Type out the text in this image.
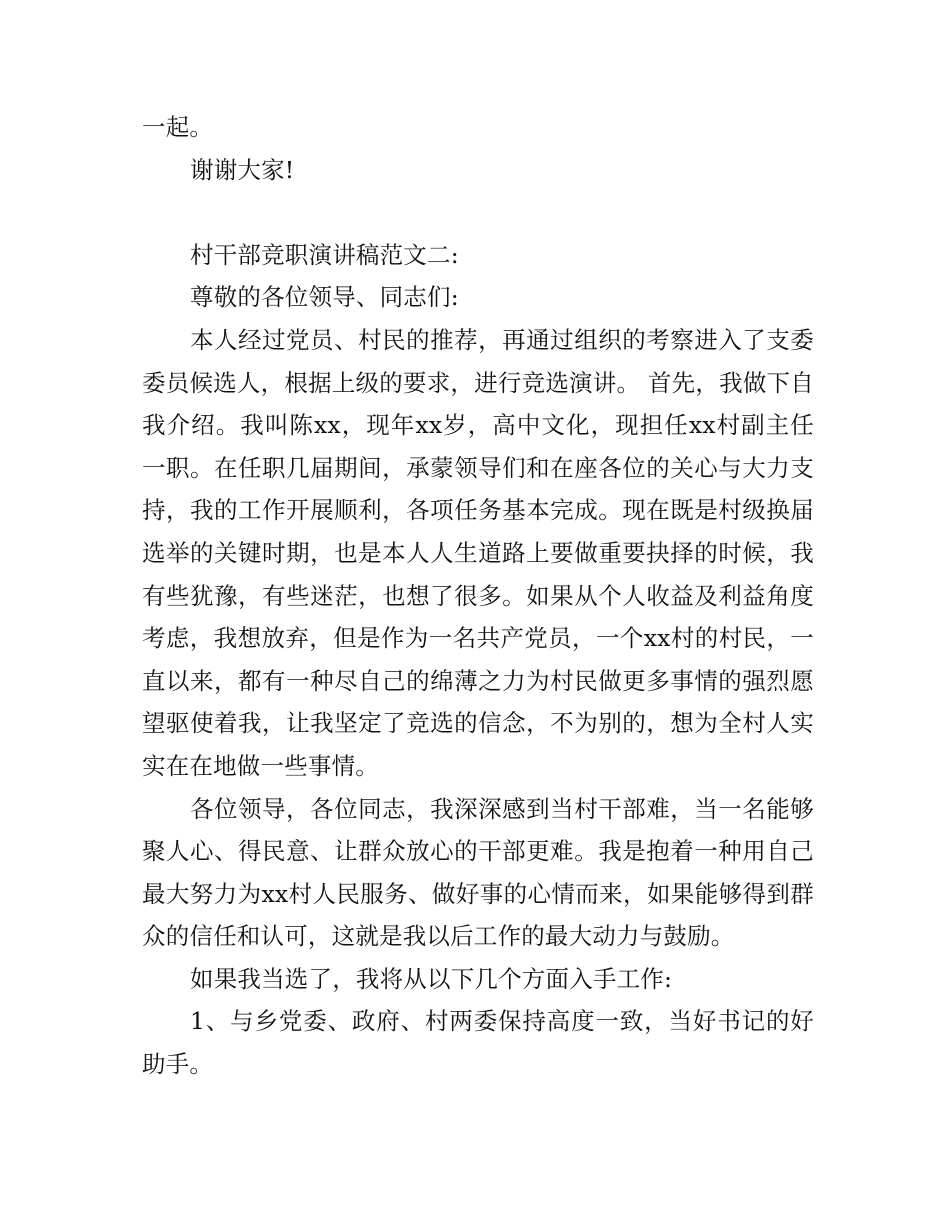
一起。

谢谢大家!

村干部竞职演讲稿范文二:

尊敬的各位领导、同志们:

本人经过党员、村民的推荐，再通过组织的考察进入了支委委员候选人，根据上级的要求，进行竞选演讲。 首先，我做下自我介绍。我叫陈xx，现年xx岁，高中文化，现担任xx村副主任一职。在任职几届期间，承蒙领导们和在座各位的关心与大力支持，我的工作开展顺利，各项任务基本完成。现在既是村级换届选举的关键时期，也是本人人生道路上要做重要抉择的时候，我有些犹豫，有些迷茫，也想了很多。如果从个人收益及利益角度考虑，我想放弃，但是作为一名共产党员，一个xx村的村民，一直以来，都有一种尽自己的绵薄之力为村民做更多事情的强烈愿望驱使着我，让我坚定了竞选的信念，不为别的，想为全村人实实在在地做一些事情。

各位领导，各位同志，我深深感到当村干部难，当一名能够聚人心、得民意、让群众放心的干部更难。我是抱着一种用自己最大努力为xx村人民服务、做好事的心情而来，如果能够得到群众的信任和认可，这就是我以后工作的最大动力与鼓励。

如果我当选了，我将从以下几个方面入手工作:

1、与乡党委、政府、村两委保持高度一致，当好书记的好助手。
